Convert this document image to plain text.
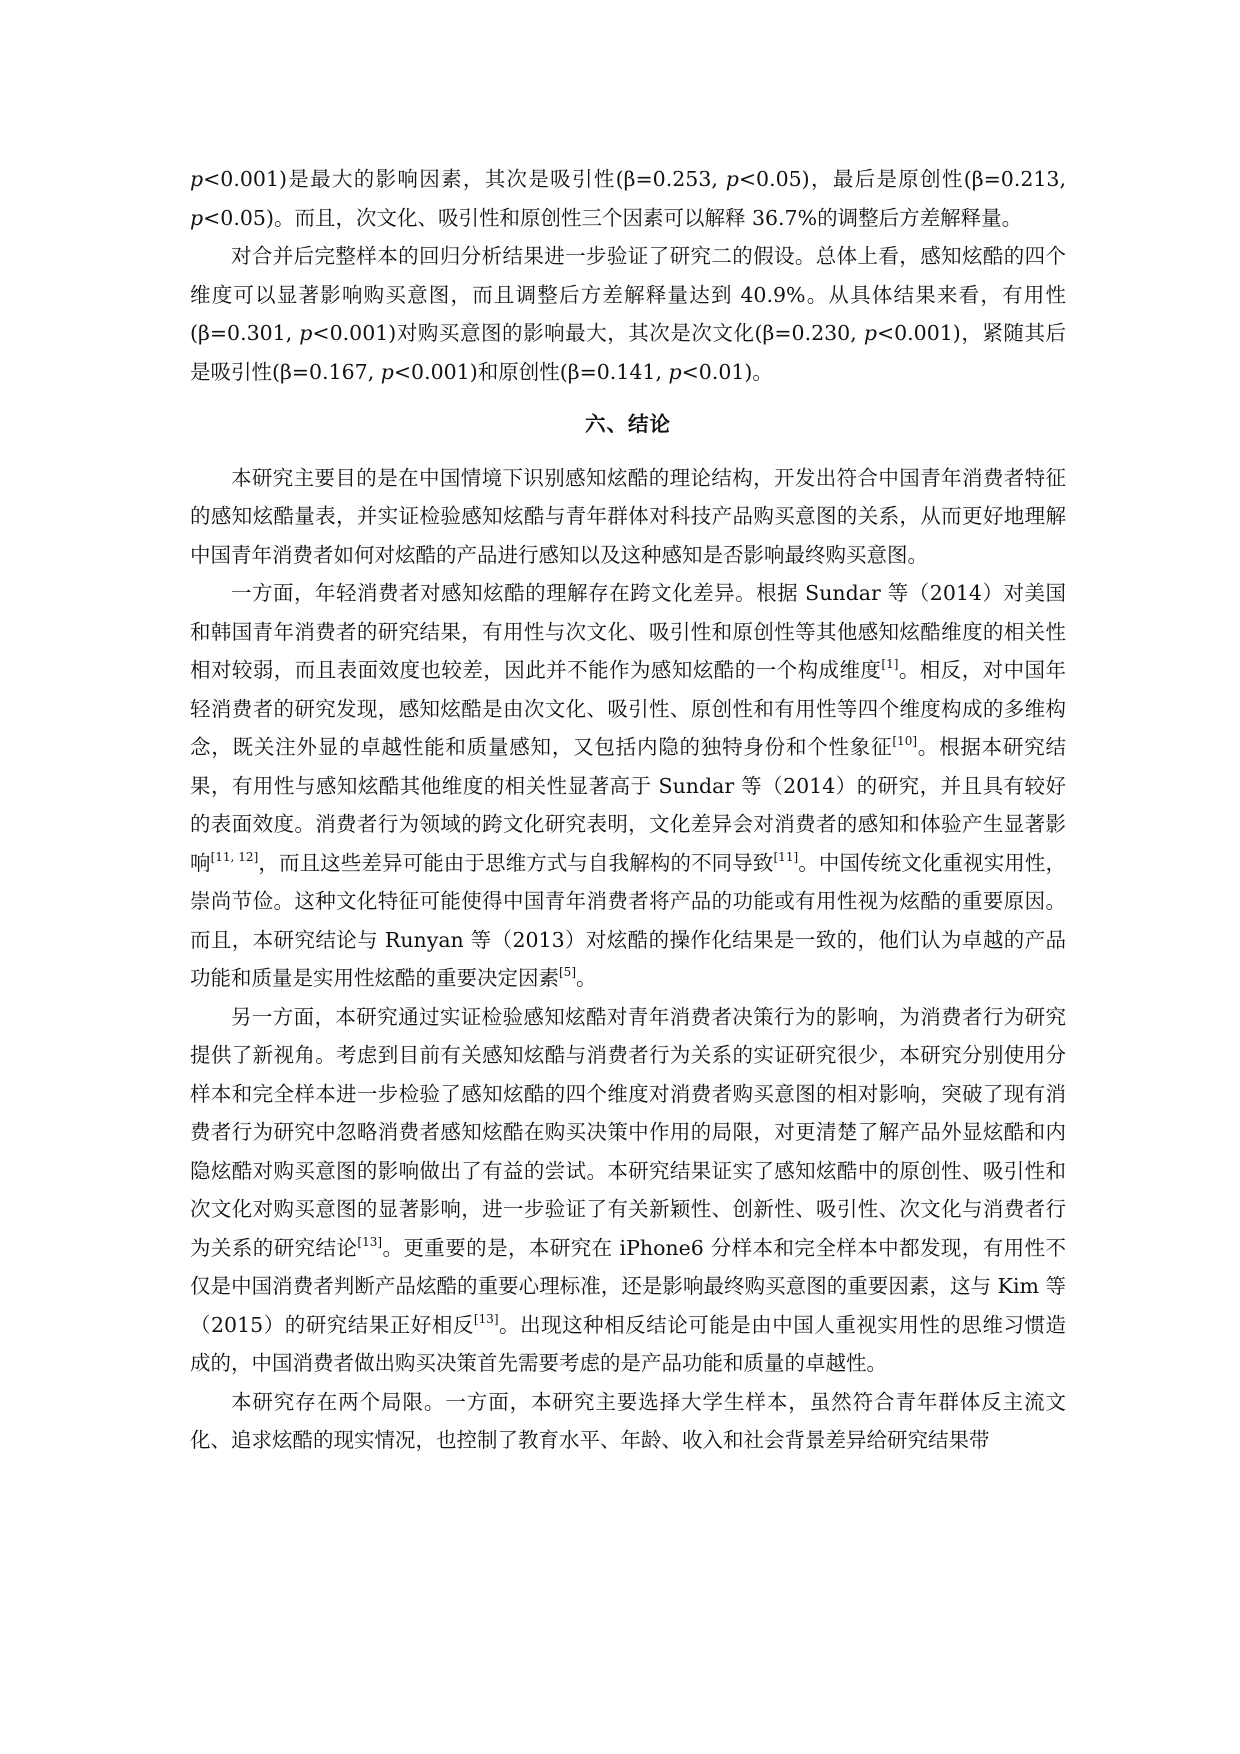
p<0.001)是最大的影响因素，其次是吸引性(β=0.253, p<0.05)，最后是原创性(β=0.213, p<0.05)。而且，次文化、吸引性和原创性三个因素可以解释 36.7%的调整后方差解释量。

对合并后完整样本的回归分析结果进一步验证了研究二的假设。总体上看，感知炫酷的四个维度可以显著影响购买意图，而且调整后方差解释量达到 40.9%。从具体结果来看，有用性(β=0.301, p<0.001)对购买意图的影响最大，其次是次文化(β=0.230, p<0.001)，紧随其后是吸引性(β=0.167, p<0.001)和原创性(β=0.141, p<0.01)。

六、结论

本研究主要目的是在中国情境下识别感知炫酷的理论结构，开发出符合中国青年消费者特征的感知炫酷量表，并实证检验感知炫酷与青年群体对科技产品购买意图的关系，从而更好地理解中国青年消费者如何对炫酷的产品进行感知以及这种感知是否影响最终购买意图。

一方面，年轻消费者对感知炫酷的理解存在跨文化差异。根据 Sundar 等（2014）对美国和韩国青年消费者的研究结果，有用性与次文化、吸引性和原创性等其他感知炫酷维度的相关性相对较弱，而且表面效度也较差，因此并不能作为感知炫酷的一个构成维度[1]。相反，对中国年轻消费者的研究发现，感知炫酷是由次文化、吸引性、原创性和有用性等四个维度构成的多维构念，既关注外显的卓越性能和质量感知，又包括内隐的独特身份和个性象征[10]。根据本研究结果，有用性与感知炫酷其他维度的相关性显著高于 Sundar 等（2014）的研究，并且具有较好的表面效度。消费者行为领域的跨文化研究表明，文化差异会对消费者的感知和体验产生显著影响[11, 12]，而且这些差异可能由于思维方式与自我解构的不同导致[11]。中国传统文化重视实用性，崇尚节俭。这种文化特征可能使得中国青年消费者将产品的功能或有用性视为炫酷的重要原因。而且，本研究结论与 Runyan 等（2013）对炫酷的操作化结果是一致的，他们认为卓越的产品功能和质量是实用性炫酷的重要决定因素[5]。

另一方面，本研究通过实证检验感知炫酷对青年消费者决策行为的影响，为消费者行为研究提供了新视角。考虑到目前有关感知炫酷与消费者行为关系的实证研究很少，本研究分别使用分样本和完全样本进一步检验了感知炫酷的四个维度对消费者购买意图的相对影响，突破了现有消费者行为研究中忽略消费者感知炫酷在购买决策中作用的局限，对更清楚了解产品外显炫酷和内隐炫酷对购买意图的影响做出了有益的尝试。本研究结果证实了感知炫酷中的原创性、吸引性和次文化对购买意图的显著影响，进一步验证了有关新颖性、创新性、吸引性、次文化与消费者行为关系的研究结论[13]。更重要的是，本研究在 iPhone6 分样本和完全样本中都发现，有用性不仅是中国消费者判断产品炫酷的重要心理标准，还是影响最终购买意图的重要因素，这与 Kim 等（2015）的研究结果正好相反[13]。出现这种相反结论可能是由中国人重视实用性的思维习惯造成的，中国消费者做出购买决策首先需要考虑的是产品功能和质量的卓越性。

本研究存在两个局限。一方面，本研究主要选择大学生样本，虽然符合青年群体反主流文化、追求炫酷的现实情况，也控制了教育水平、年龄、收入和社会背景差异给研究结果带
